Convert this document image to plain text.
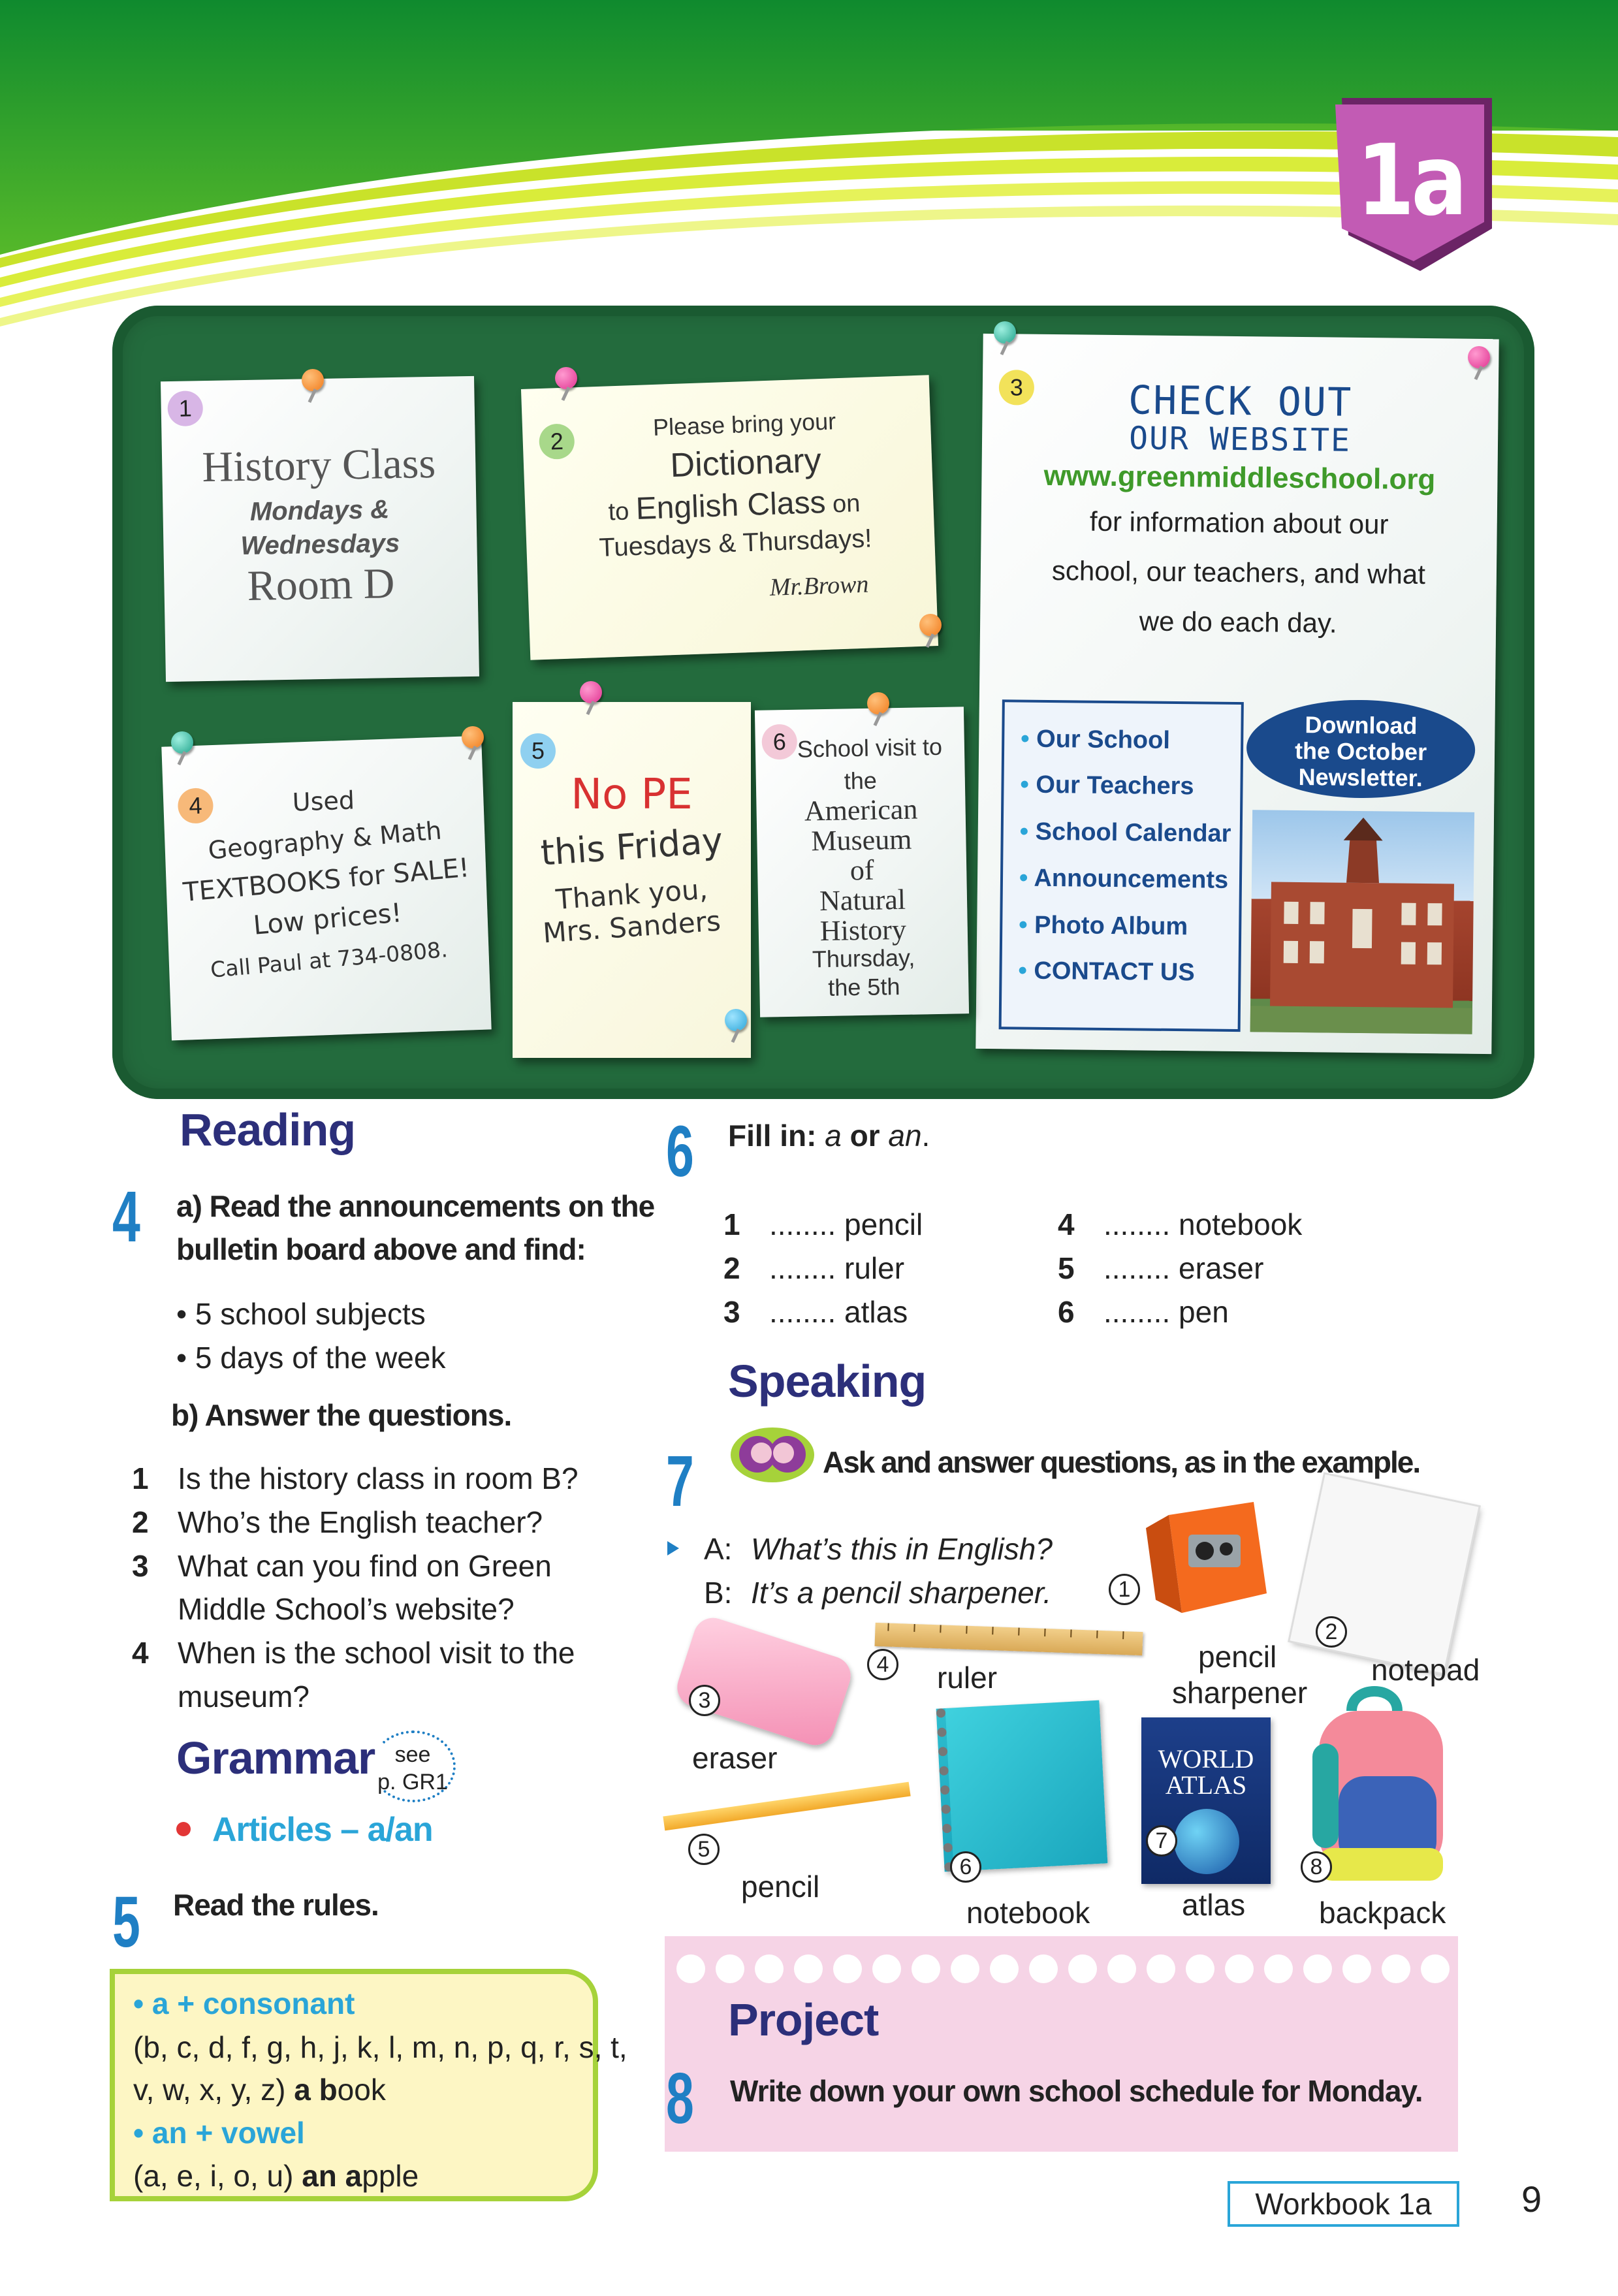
1a
1
History Class
Mondays &
Wednesdays
Room D
2
Please bring your
Dictionary
to English Class on
Tuesdays & Thursdays!
Mr.Brown
3	CHECK OUT
OUR WEBSITE
www.greenmiddleschool.org
for information about our
school, our teachers, and what
we do each day.
• Our School
• Our Teachers
• School Calendar
• Announcements
• Photo Album
• CONTACT US
Download
the October
Newsletter.
4	Used
Geography & Math
TEXTBOOKS for SALE!
Low prices!
Call Paul at 734-0808.
5
No PE
this Friday
Thank you,
Mrs. Sanders
6 School visit to
the
American
Museum
of
Natural
History
Thursday,
the 5th
Reading
4 a) Read the announcements on the
bulletin board above and find:
• 5 school subjects
• 5 days of the week
b) Answer the questions.
1 Is the history class in room B?
2 Who’s the English teacher?
3 What can you find on Green
Middle School’s website?
4 When is the school visit to the
museum?
Grammar see
p. GR1
Articles – a/an
5 Read the rules.
• a + consonant
(b, c, d, f, g, h, j, k, l, m, n, p, q, r, s, t,
v, w, x, y, z) a book
• an + vowel
(a, e, i, o, u) an apple
6 Fill in: a or an.
1 ........ pencil
2 ........ ruler
3 ........ atlas
4 ........ notebook
5 ........ eraser
6 ........ pen
Speaking
7	Ask and answer questions, as in the example.
A: What’s this in English?
B: It’s a pencil sharpener.	1
pencil
sharpener
2
notepad
3
eraser
4	ruler
5
pencil
6
notebook
WORLD
ATLAS
7
atlas
8
backpack
Project
8 Write down your own school schedule for Monday.
Workbook 1a	9
